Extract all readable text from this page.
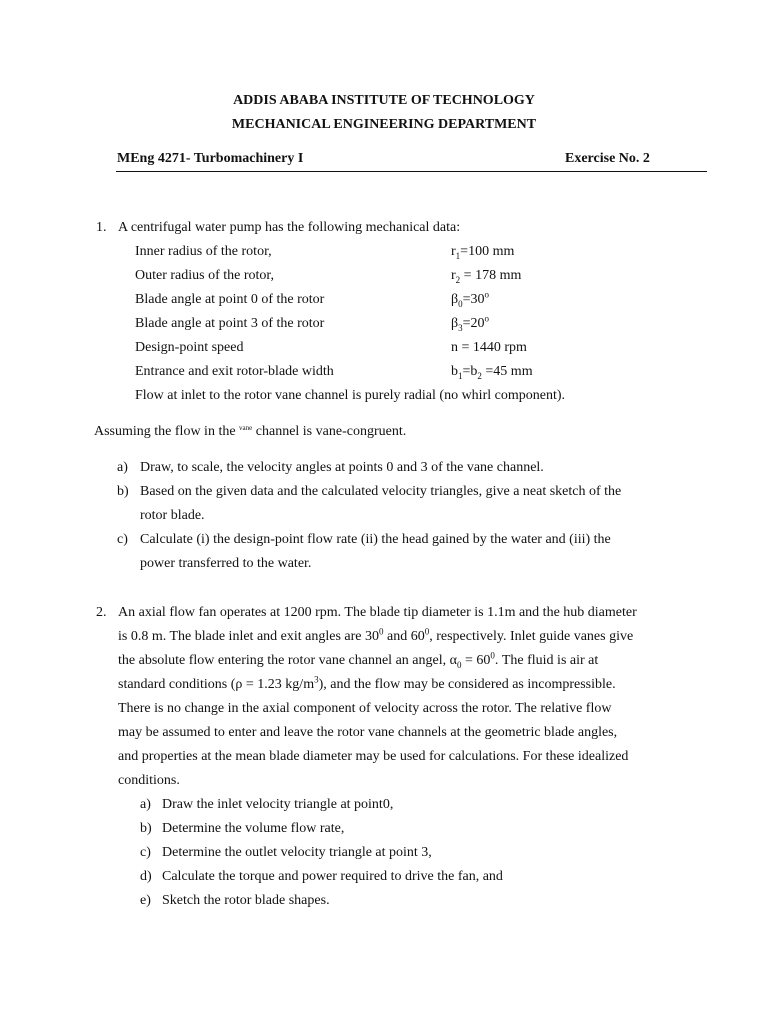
ADDIS ABABA INSTITUTE OF TECHNOLOGY
MECHANICAL ENGINEERING DEPARTMENT
MEng 4271- Turbomachinery I	Exercise No. 2
1. A centrifugal water pump has the following mechanical data:
Inner radius of the rotor,	$r_1=100$ mm
Outer radius of the rotor,	$r_2 = 178$ mm
Blade angle at point 0 of the rotor	$\beta_0=30^o$
Blade angle at point 3 of the rotor	$\beta_3=20^o$
Design-point speed	n = 1440 rpm
Entrance and exit rotor-blade width	$b_1=b_2 =45$ mm
Flow at inlet to the rotor vane channel is purely radial (no whirl component).
Assuming the flow in the $^{vane}$ channel is vane-congruent.
a) Draw, to scale, the velocity angles at points 0 and 3 of the vane channel.
b) Based on the given data and the calculated velocity triangles, give a neat sketch of the
rotor blade.
c) Calculate (i) the design-point flow rate (ii) the head gained by the water and (iii) the
power transferred to the water.
2. An axial flow fan operates at 1200 rpm. The blade tip diameter is 1.1m and the hub diameter
is 0.8 m. The blade inlet and exit angles are $30^0$ and $60^0$, respectively. Inlet guide vanes give
the absolute flow entering the rotor vane channel an angel, $\alpha_0 = 60^0$. The fluid is air at
standard conditions (ρ = 1.23 $kg/m^3$), and the flow may be considered as incompressible.
There is no change in the axial component of velocity across the rotor. The relative flow
may be assumed to enter and leave the rotor vane channels at the geometric blade angles,
and properties at the mean blade diameter may be used for calculations. For these idealized
conditions.
a) Draw the inlet velocity triangle at point0,
b) Determine the volume flow rate,
c) Determine the outlet velocity triangle at point 3,
d) Calculate the torque and power required to drive the fan, and
e) Sketch the rotor blade shapes.
